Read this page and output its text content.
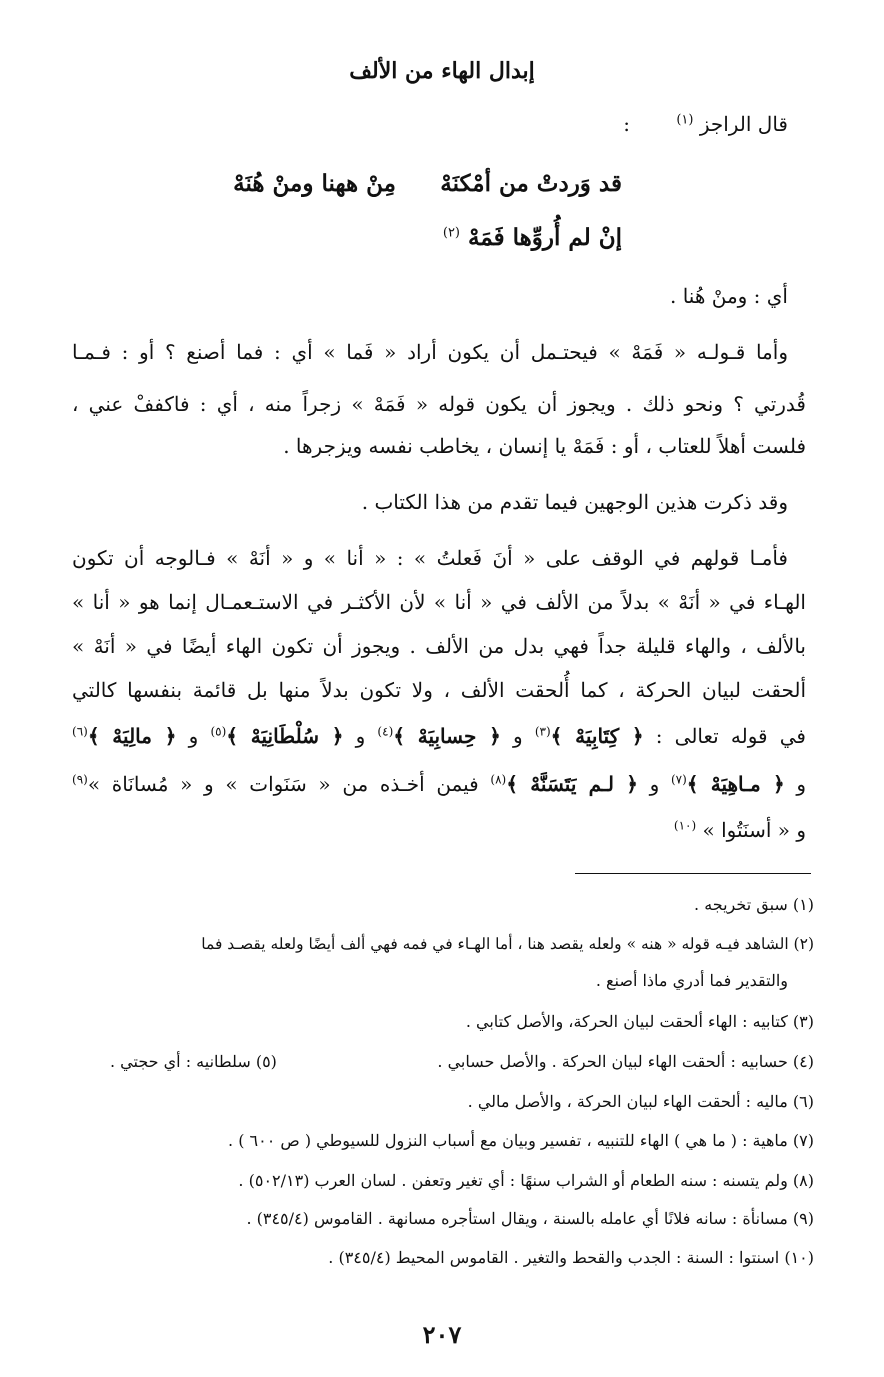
إبدال الهاء من الألف
قال الراجز $^{(١)}$ :
قد وَردتْ من أمْكنَهْ
مِنْ ههنا ومنْ هُنَهْ
إنْ لم أُروِّها فَمَهْ $^{(٢)}$
أي : ومنْ هُنا .
وأما قـولـه « فَمَهْ » فيحتـمل أن يكون أراد « فَما » أي : فما أصنع ؟ أو : فـمـا
قُدرتي ؟ ونحو ذلك . ويجوز أن يكون قوله « فَمَهْ » زجراً منه ، أي : فاكففْ عني ،
فلست أهلاً للعتاب ، أو : فَمَهْ يا إنسان ، يخاطب نفسه ويزجرها .
وقد ذكرت هذين الوجهين فيما تقدم من هذا الكتاب .
فأمـا قولهم في الوقف على « أنَ فَعلتُ » : « أنا » و « أنَهْ » فـالوجه أن تكون
الهـاء في « أنَهْ » بدلاً من الألف في « أنا » لأن الأكثـر في الاستـعمـال إنما هو « أنا »
بالألف ، والهاء قليلة جداً فهي بدل من الألف . ويجوز أن تكون الهاء أيضًا في « أنَهْ »
ألحقت لبيان الحركة ، كما أُلحقت الألف ، ولا تكون بدلاً منها بل قائمة بنفسها كالتي
في قوله تعالى : ﴿ كِتَابِيَهْ ﴾$^{(٣)}$ و ﴿ حِسابِيَهْ ﴾$^{(٤)}$ و ﴿ سُلْطَانِيَهْ ﴾$^{(٥)}$ و ﴿ مالِيَهْ ﴾$^{(٦)}$
و ﴿ مـاهِيَهْ ﴾$^{(٧)}$ و ﴿ لـم يَتَسَنَّهْ ﴾$^{(٨)}$ فيمن أخـذه من « سَنَوات » و « مُسانَاة »$^{(٩)}$
و « أسنَتُوا » $^{(١٠)}$
(١) سبق تخريجه .
(٢) الشاهد فيـه قوله « هنه » ولعله يقصد هنا ، أما الهـاء في فمه فهي ألف أيضًا ولعله يقصـد فما
والتقدير فما أدري ماذا أصنع .
(٣) كتابيه : الهاء ألحقت لبيان الحركة، والأصل كتابي .
(٤) حسابيه : ألحقت الهاء لبيان الحركة . والأصل حسابي .
(٥) سلطانيه : أي حجتي .
(٦) ماليه : ألحقت الهاء لبيان الحركة ، والأصل مالي .
(٧) ماهية : ( ما هي ) الهاء للتنبيه ، تفسير وبيان مع أسباب النزول للسيوطي ( ص ٦٠٠ ) .
(٨) ولم يتسنه : سنه الطعام أو الشراب سنهًا : أي تغير وتعفن . لسان العرب (٥٠٢/١٣) .
(٩) مسانأة : سانه فلانًا أي عامله بالسنة ، ويقال استأجره مسانهة . القاموس (٣٤٥/٤) .
(١٠) اسنتوا : السنة : الجدب والقحط والتغير . القاموس المحيط (٣٤٥/٤) .
٢٠٧
